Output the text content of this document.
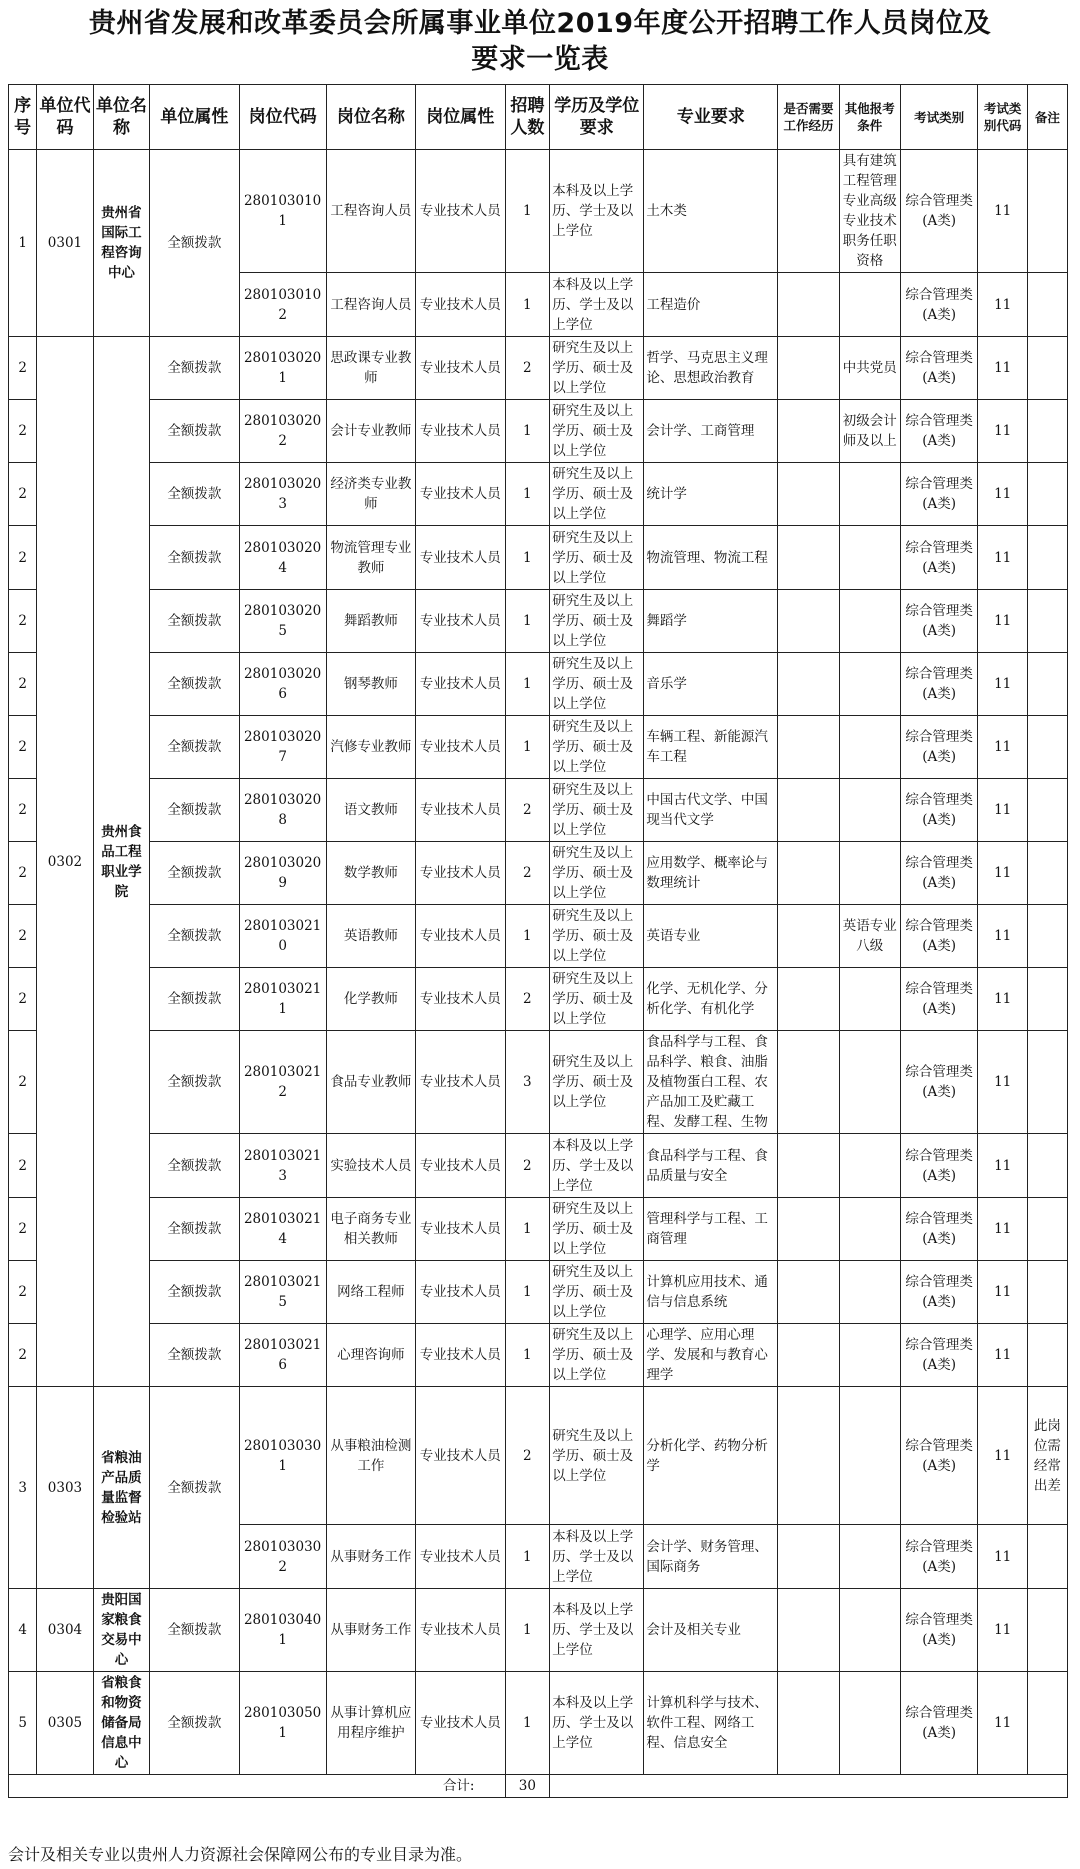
贵州省发展和改革委员会所属事业单位2019年度公开招聘工作人员岗位及
要求一览表
序号	单位代码	单位名称	单位属性	岗位代码	岗位名称	岗位属性	招聘人数	学历及学位要求	专业要求	是否需要工作经历	其他报考条件	考试类别	考试类别代码	备注
1	0301	贵州省国际工程咨询中心	全额拨款	2801030101	工程咨询人员	专业技术人员	1	本科及以上学历、学士及以上学位	土木类		具有建筑工程管理专业高级专业技术职务任职资格	综合管理类(A类)	11	
				2801030102	工程咨询人员	专业技术人员	1	本科及以上学历、学士及以上学位	工程造价			综合管理类(A类)	11	
2	0302	贵州食品工程职业学院	全额拨款	2801030201	思政课专业教师	专业技术人员	2	研究生及以上学历、硕士及以上学位	哲学、马克思主义理论、思想政治教育		中共党员	综合管理类(A类)	11	
2			全额拨款	2801030202	会计专业教师	专业技术人员	1	研究生及以上学历、硕士及以上学位	会计学、工商管理		初级会计师及以上	综合管理类(A类)	11	
2			全额拨款	2801030203	经济类专业教师	专业技术人员	1	研究生及以上学历、硕士及以上学位	统计学			综合管理类(A类)	11	
2			全额拨款	2801030204	物流管理专业教师	专业技术人员	1	研究生及以上学历、硕士及以上学位	物流管理、物流工程			综合管理类(A类)	11	
2			全额拨款	2801030205	舞蹈教师	专业技术人员	1	研究生及以上学历、硕士及以上学位	舞蹈学			综合管理类(A类)	11	
2			全额拨款	2801030206	钢琴教师	专业技术人员	1	研究生及以上学历、硕士及以上学位	音乐学			综合管理类(A类)	11	
2			全额拨款	2801030207	汽修专业教师	专业技术人员	1	研究生及以上学历、硕士及以上学位	车辆工程、新能源汽车工程			综合管理类(A类)	11	
2			全额拨款	2801030208	语文教师	专业技术人员	2	研究生及以上学历、硕士及以上学位	中国古代文学、中国现当代文学			综合管理类(A类)	11	
2			全额拨款	2801030209	数学教师	专业技术人员	2	研究生及以上学历、硕士及以上学位	应用数学、概率论与数理统计			综合管理类(A类)	11	
2			全额拨款	2801030210	英语教师	专业技术人员	1	研究生及以上学历、硕士及以上学位	英语专业		英语专业八级	综合管理类(A类)	11	
2			全额拨款	2801030211	化学教师	专业技术人员	2	研究生及以上学历、硕士及以上学位	化学、无机化学、分析化学、有机化学			综合管理类(A类)	11	
2			全额拨款	2801030212	食品专业教师	专业技术人员	3	研究生及以上学历、硕士及以上学位	食品科学与工程、食品科学、粮食、油脂及植物蛋白工程、农产品加工及贮藏工程、发酵工程、生物			综合管理类(A类)	11	
2			全额拨款	2801030213	实验技术人员	专业技术人员	2	本科及以上学历、学士及以上学位	食品科学与工程、食品质量与安全			综合管理类(A类)	11	
2			全额拨款	2801030214	电子商务专业相关教师	专业技术人员	1	研究生及以上学历、硕士及以上学位	管理科学与工程、工商管理			综合管理类(A类)	11	
2			全额拨款	2801030215	网络工程师	专业技术人员	1	研究生及以上学历、硕士及以上学位	计算机应用技术、通信与信息系统			综合管理类(A类)	11	
2			全额拨款	2801030216	心理咨询师	专业技术人员	1	研究生及以上学历、硕士及以上学位	心理学、应用心理学、发展和与教育心理学			综合管理类(A类)	11	
3	0303	省粮油产品质量监督检验站	全额拨款	2801030301	从事粮油检测工作	专业技术人员	2	研究生及以上学历、硕士及以上学位	分析化学、药物分析学			综合管理类(A类)	11	此岗位需经常出差
				2801030302	从事财务工作	专业技术人员	1	本科及以上学历、学士及以上学位	会计学、财务管理、国际商务			综合管理类(A类)	11	
4	0304	贵阳国家粮食交易中心	全额拨款	2801030401	从事财务工作	专业技术人员	1	本科及以上学历、学士及以上学位	会计及相关专业			综合管理类(A类)	11	
5	0305	省粮食和物资储备局信息中心	全额拨款	2801030501	从事计算机应用程序维护	专业技术人员	1	本科及以上学历、学士及以上学位	计算机科学与技术、软件工程、网络工程、信息安全			综合管理类(A类)	11	
合计:							30							
会计及相关专业以贵州人力资源社会保障网公布的专业目录为准。
